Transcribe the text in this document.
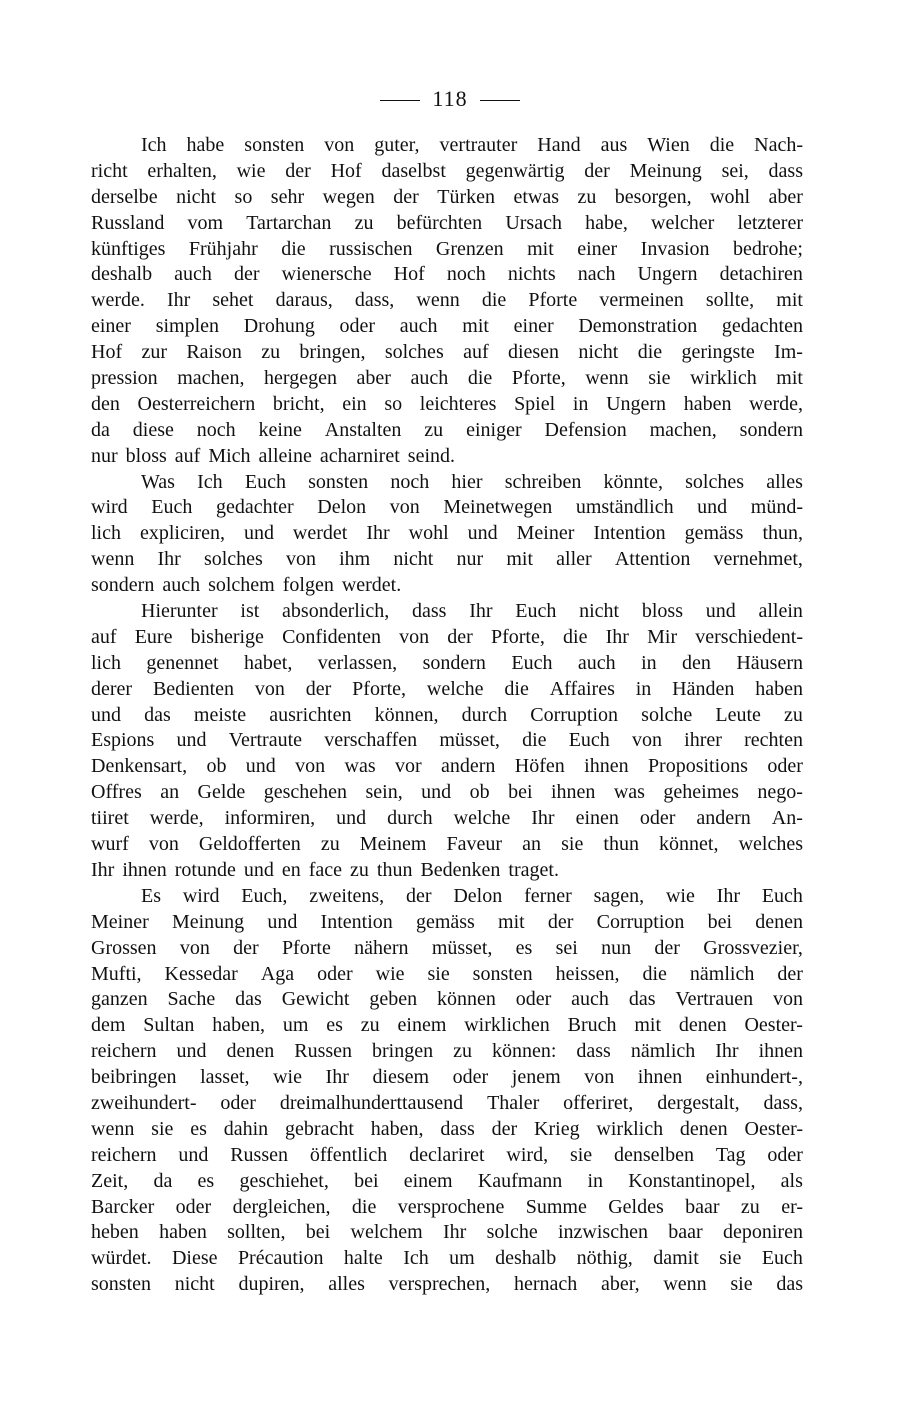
118
Ich habe sonsten von guter, vertrauter Hand aus Wien die Nach-
richt erhalten, wie der Hof daselbst gegenwärtig der Meinung sei, dass
derselbe nicht so sehr wegen der Türken etwas zu besorgen, wohl aber
Russland vom Tartarchan zu befürchten Ursach habe, welcher letzterer
künftiges Frühjahr die russischen Grenzen mit einer Invasion bedrohe;
deshalb auch der wienersche Hof noch nichts nach Ungern detachiren
werde. Ihr sehet daraus, dass, wenn die Pforte vermeinen sollte, mit
einer simplen Drohung oder auch mit einer Demonstration gedachten
Hof zur Raison zu bringen, solches auf diesen nicht die geringste Im-
pression machen, hergegen aber auch die Pforte, wenn sie wirklich mit
den Oesterreichern bricht, ein so leichteres Spiel in Ungern haben werde,
da diese noch keine Anstalten zu einiger Defension machen, sondern
nur bloss auf Mich alleine acharniret seind.
Was Ich Euch sonsten noch hier schreiben könnte, solches alles
wird Euch gedachter Delon von Meinetwegen umständlich und münd-
lich expliciren, und werdet Ihr wohl und Meiner Intention gemäss thun,
wenn Ihr solches von ihm nicht nur mit aller Attention vernehmet,
sondern auch solchem folgen werdet.
Hierunter ist absonderlich, dass Ihr Euch nicht bloss und allein
auf Eure bisherige Confidenten von der Pforte, die Ihr Mir verschiedent-
lich genennet habet, verlassen, sondern Euch auch in den Häusern
derer Bedienten von der Pforte, welche die Affaires in Händen haben
und das meiste ausrichten können, durch Corruption solche Leute zu
Espions und Vertraute verschaffen müsset, die Euch von ihrer rechten
Denkensart, ob und von was vor andern Höfen ihnen Propositions oder
Offres an Gelde geschehen sein, und ob bei ihnen was geheimes nego-
tiiret werde, informiren, und durch welche Ihr einen oder andern An-
wurf von Geldofferten zu Meinem Faveur an sie thun könnet, welches
Ihr ihnen rotunde und en face zu thun Bedenken traget.
Es wird Euch, zweitens, der Delon ferner sagen, wie Ihr Euch
Meiner Meinung und Intention gemäss mit der Corruption bei denen
Grossen von der Pforte nähern müsset, es sei nun der Grossvezier,
Mufti, Kessedar Aga oder wie sie sonsten heissen, die nämlich der
ganzen Sache das Gewicht geben können oder auch das Vertrauen von
dem Sultan haben, um es zu einem wirklichen Bruch mit denen Oester-
reichern und denen Russen bringen zu können: dass nämlich Ihr ihnen
beibringen lasset, wie Ihr diesem oder jenem von ihnen einhundert-,
zweihundert- oder dreimalhunderttausend Thaler offeriret, dergestalt, dass,
wenn sie es dahin gebracht haben, dass der Krieg wirklich denen Oester-
reichern und Russen öffentlich declariret wird, sie denselben Tag oder
Zeit, da es geschiehet, bei einem Kaufmann in Konstantinopel, als
Barcker oder dergleichen, die versprochene Summe Geldes baar zu er-
heben haben sollten, bei welchem Ihr solche inzwischen baar deponiren
würdet. Diese Précaution halte Ich um deshalb nöthig, damit sie Euch
sonsten nicht dupiren, alles versprechen, hernach aber, wenn sie das
